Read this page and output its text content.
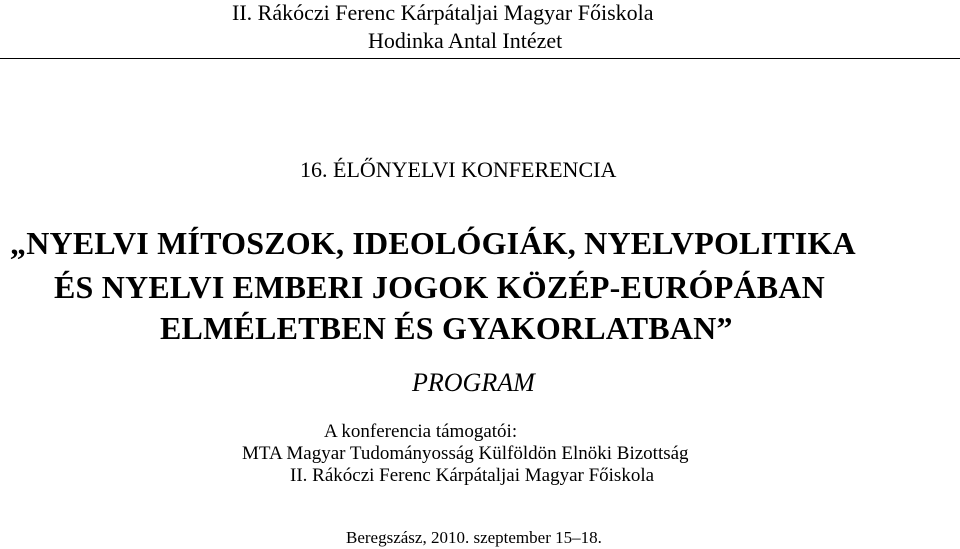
II. Rákóczi Ferenc Kárpátaljai Magyar Főiskola
Hodinka Antal Intézet
16. ÉLŐNYELVI KONFERENCIA
„NYELVI MÍTOSZOK, IDEOLÓGIÁK, NYELVPOLITIKA
ÉS NYELVI EMBERI JOGOK KÖZÉP-EURÓPÁBAN
ELMÉLETBEN ÉS GYAKORLATBAN”
PROGRAM
A konferencia támogatói:
MTA Magyar Tudományosság Külföldön Elnöki Bizottság
II. Rákóczi Ferenc Kárpátaljai Magyar Főiskola
Beregszász, 2010. szeptember 15–18.
